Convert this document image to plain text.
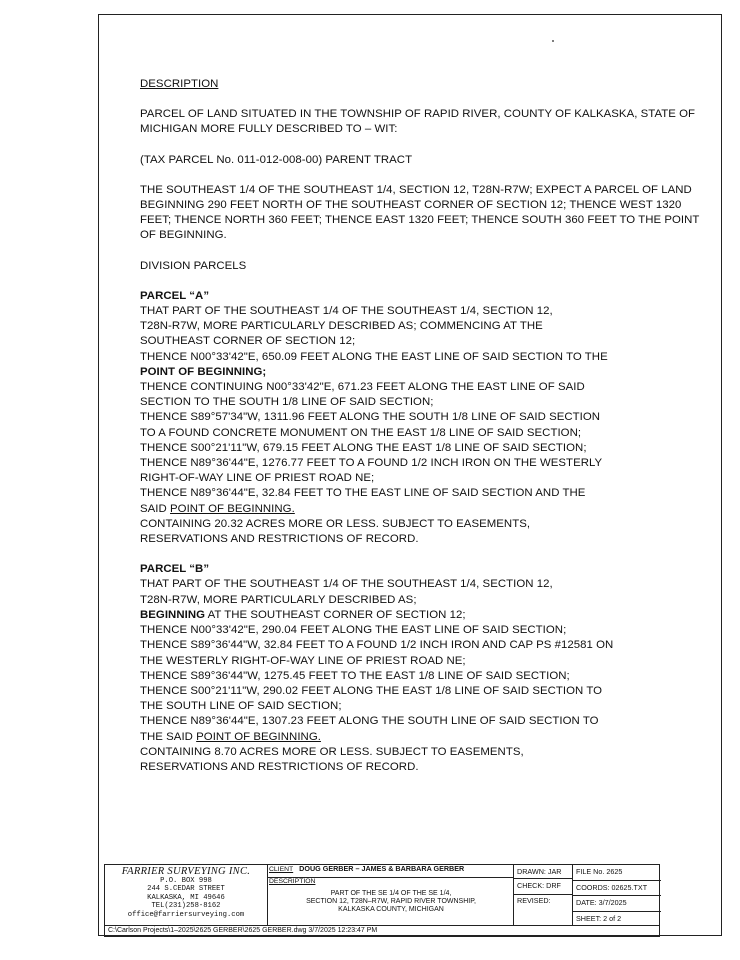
DESCRIPTION

PARCEL OF LAND SITUATED IN THE TOWNSHIP OF RAPID RIVER, COUNTY OF KALKASKA, STATE OF MICHIGAN MORE FULLY DESCRIBED TO – WIT:

(TAX PARCEL No. 011-012-008-00) PARENT TRACT

THE SOUTHEAST 1/4 OF THE SOUTHEAST 1/4, SECTION 12, T28N-R7W; EXPECT A PARCEL OF LAND BEGINNING 290 FEET NORTH OF THE SOUTHEAST CORNER OF SECTION 12; THENCE WEST 1320 FEET; THENCE NORTH 360 FEET; THENCE EAST 1320 FEET; THENCE SOUTH 360 FEET TO THE POINT OF BEGINNING.

DIVISION PARCELS

PARCEL “A”

THAT PART OF THE SOUTHEAST 1/4 OF THE SOUTHEAST 1/4, SECTION 12,

T28N-R7W, MORE PARTICULARLY DESCRIBED AS; COMMENCING AT THE

SOUTHEAST CORNER OF SECTION 12;

THENCE N00°33'42"E, 650.09 FEET ALONG THE EAST LINE OF SAID SECTION TO THE

POINT OF BEGINNING;

THENCE CONTINUING N00°33'42"E, 671.23 FEET ALONG THE EAST LINE OF SAID

SECTION TO THE SOUTH 1/8 LINE OF SAID SECTION;

THENCE S89°57'34"W, 1311.96 FEET ALONG THE SOUTH 1/8 LINE OF SAID SECTION

TO A FOUND CONCRETE MONUMENT ON THE EAST 1/8 LINE OF SAID SECTION;

THENCE S00°21'11"W, 679.15 FEET ALONG THE EAST 1/8 LINE OF SAID SECTION;

THENCE N89°36'44"E, 1276.77 FEET TO A FOUND 1/2 INCH IRON ON THE WESTERLY

RIGHT-OF-WAY LINE OF PRIEST ROAD NE;

THENCE N89°36'44"E, 32.84 FEET TO THE EAST LINE OF SAID SECTION AND THE

SAID POINT OF BEGINNING.

CONTAINING 20.32 ACRES MORE OR LESS. SUBJECT TO EASEMENTS,

RESERVATIONS AND RESTRICTIONS OF RECORD.

PARCEL “B”

THAT PART OF THE SOUTHEAST 1/4 OF THE SOUTHEAST 1/4, SECTION 12,

T28N-R7W, MORE PARTICULARLY DESCRIBED AS;

BEGINNING AT THE SOUTHEAST CORNER OF SECTION 12;

THENCE N00°33'42"E, 290.04 FEET ALONG THE EAST LINE OF SAID SECTION;

THENCE S89°36'44"W, 32.84 FEET TO A FOUND 1/2 INCH IRON AND CAP PS #12581 ON

THE WESTERLY RIGHT-OF-WAY LINE OF PRIEST ROAD NE;

THENCE S89°36'44"W, 1275.45 FEET TO THE EAST 1/8 LINE OF SAID SECTION;

THENCE S00°21'11"W, 290.02 FEET ALONG THE EAST 1/8 LINE OF SAID SECTION TO

THE SOUTH LINE OF SAID SECTION;

THENCE N89°36'44"E, 1307.23 FEET ALONG THE SOUTH LINE OF SAID SECTION TO

THE SAID POINT OF BEGINNING.

CONTAINING 8.70 ACRES MORE OR LESS. SUBJECT TO EASEMENTS,

RESERVATIONS AND RESTRICTIONS OF RECORD.

FARRIER SURVEYING INC.
P.O. BOX 998
244 S.CEDAR STREET
KALKASKA, MI 49646
TEL(231)258-8162
office@farriersurveying.com
CLIENT DOUG GERBER – JAMES & BARBARA GERBER
DESCRIPTION
PART OF THE SE 1/4 OF THE SE 1/4,
SECTION 12, T28N–R7W, RAPID RIVER TOWNSHIP,
KALKASKA COUNTY, MICHIGAN
DRAWN: JAR
CHECK: DRF
REVISED:
FILE No. 2625
COORDS: 02625.TXT
DATE: 3/7/2025
SHEET: 2 of 2
C:\Carlson Projects\1–2025\2625 GERBER\2625 GERBER.dwg 3/7/2025 12:23:47 PM
